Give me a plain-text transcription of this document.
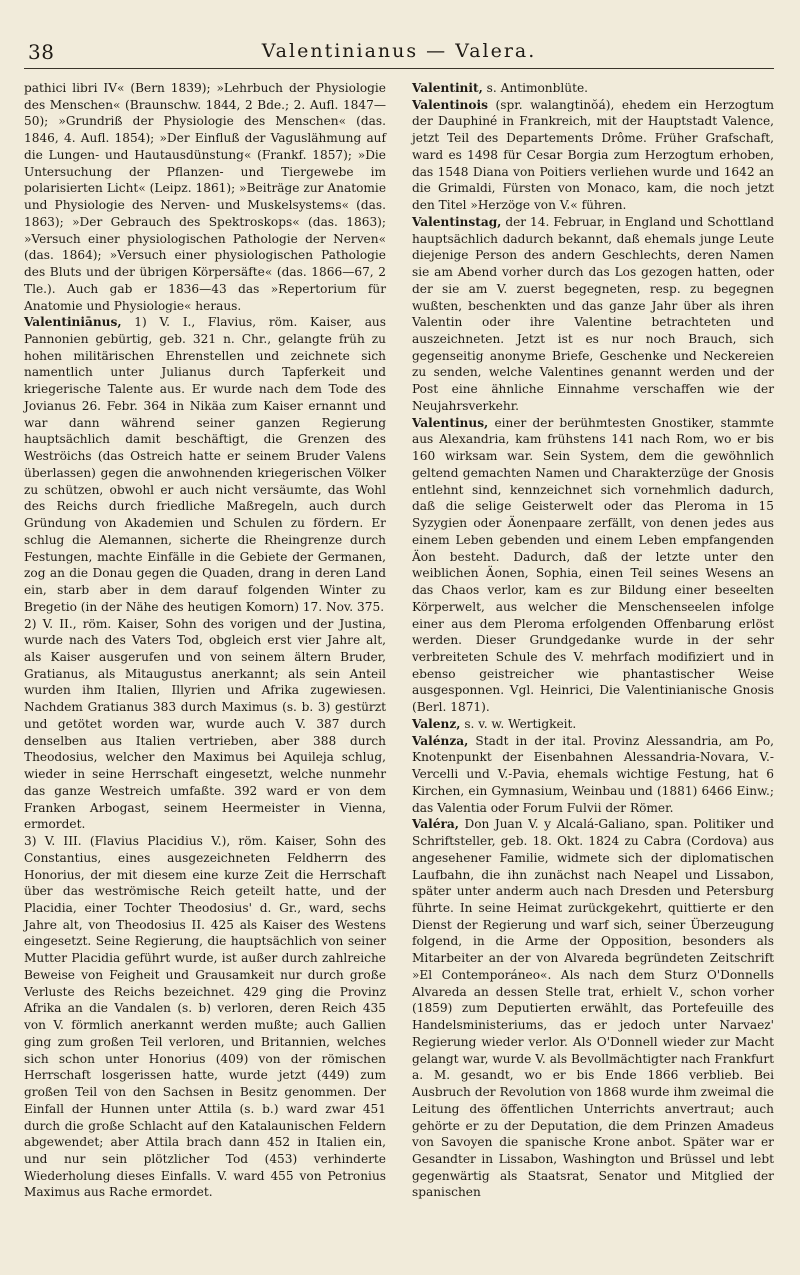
38	Valentinianus — Valera.

pathici libri IV« (Bern 1839); »Lehrbuch der Physiologie des Menschen« (Braunschw. 1844, 2 Bde.; 2. Aufl. 1847—50); »Grundriß der Physiologie des Menschen« (das. 1846, 4. Aufl. 1854); »Der Einfluß der Vaguslähmung auf die Lungen- und Hautausdünstung« (Frankf. 1857); »Die Untersuchung der Pflanzen- und Tiergewebe im polarisierten Licht« (Leipz. 1861); »Beiträge zur Anatomie und Physiologie des Nerven- und Muskelsystems« (das. 1863); »Der Gebrauch des Spektroskops« (das. 1863); »Versuch einer physiologischen Pathologie der Nerven« (das. 1864); »Versuch einer physiologischen Pathologie des Bluts und der übrigen Körpersäfte« (das. 1866—67, 2 Tle.). Auch gab er 1836—43 das »Repertorium für Anatomie und Physiologie« heraus.

Valentiniānus, 1) V. I., Flavius, röm. Kaiser, aus Pannonien gebürtig, geb. 321 n. Chr., gelangte früh zu hohen militärischen Ehrenstellen und zeichnete sich namentlich unter Julianus durch Tapferkeit und kriegerische Talente aus. Er wurde nach dem Tode des Jovianus 26. Febr. 364 in Nikäa zum Kaiser ernannt und war dann während seiner ganzen Regierung hauptsächlich damit beschäftigt, die Grenzen des Weströichs (das Ostreich hatte er seinem Bruder Valens überlassen) gegen die anwohnenden kriegerischen Völker zu schützen, obwohl er auch nicht versäumte, das Wohl des Reichs durch friedliche Maßregeln, auch durch Gründung von Akademien und Schulen zu fördern. Er schlug die Alemannen, sicherte die Rheingrenze durch Festungen, machte Einfälle in die Gebiete der Germanen, zog an die Donau gegen die Quaden, drang in deren Land ein, starb aber in dem darauf folgenden Winter zu Bregetio (in der Nähe des heutigen Komorn) 17. Nov. 375.

2) V. II., röm. Kaiser, Sohn des vorigen und der Justina, wurde nach des Vaters Tod, obgleich erst vier Jahre alt, als Kaiser ausgerufen und von seinem ältern Bruder, Gratianus, als Mitaugustus anerkannt; als sein Anteil wurden ihm Italien, Illyrien und Afrika zugewiesen. Nachdem Gratianus 383 durch Maximus (s. b. 3) gestürzt und getötet worden war, wurde auch V. 387 durch denselben aus Italien vertrieben, aber 388 durch Theodosius, welcher den Maximus bei Aquileja schlug, wieder in seine Herrschaft eingesetzt, welche nunmehr das ganze Westreich umfaßte. 392 ward er von dem Franken Arbogast, seinem Heermeister in Vienna, ermordet.

3) V. III. (Flavius Placidius V.), röm. Kaiser, Sohn des Constantius, eines ausgezeichneten Feldherrn des Honorius, der mit diesem eine kurze Zeit die Herrschaft über das weströmische Reich geteilt hatte, und der Placidia, einer Tochter Theodosius' d. Gr., ward, sechs Jahre alt, von Theodosius II. 425 als Kaiser des Westens eingesetzt. Seine Regierung, die hauptsächlich von seiner Mutter Placidia geführt wurde, ist außer durch zahlreiche Beweise von Feigheit und Grausamkeit nur durch große Verluste des Reichs bezeichnet. 429 ging die Provinz Afrika an die Vandalen (s. b) verloren, deren Reich 435 von V. förmlich anerkannt werden mußte; auch Gallien ging zum großen Teil verloren, und Britannien, welches sich schon unter Honorius (409) von der römischen Herrschaft losgerissen hatte, wurde jetzt (449) zum großen Teil von den Sachsen in Besitz genommen. Der Einfall der Hunnen unter Attila (s. b.) ward zwar 451 durch die große Schlacht auf den Katalaunischen Feldern abgewendet; aber Attila brach dann 452 in Italien ein, und nur sein plötzlicher Tod (453) verhinderte Wiederholung dieses Einfalls. V. ward 455 von Petronius Maximus aus Rache ermordet.

Valentinit, s. Antimonblüte.

Valentinois (spr. walangtinŏá), ehedem ein Herzogtum der Dauphiné in Frankreich, mit der Hauptstadt Valence, jetzt Teil des Departements Drôme. Früher Grafschaft, ward es 1498 für Cesar Borgia zum Herzogtum erhoben, das 1548 Diana von Poitiers verliehen wurde und 1642 an die Grimaldi, Fürsten von Monaco, kam, die noch jetzt den Titel »Herzöge von V.« führen.

Valentinstag, der 14. Februar, in England und Schottland hauptsächlich dadurch bekannt, daß ehemals junge Leute diejenige Person des andern Geschlechts, deren Namen sie am Abend vorher durch das Los gezogen hatten, oder der sie am V. zuerst begegneten, resp. zu begegnen wußten, beschenkten und das ganze Jahr über als ihren Valentin oder ihre Valentine betrachteten und auszeichneten. Jetzt ist es nur noch Brauch, sich gegenseitig anonyme Briefe, Geschenke und Neckereien zu senden, welche Valentines genannt werden und der Post eine ähnliche Einnahme verschaffen wie der Neujahrsverkehr.

Valentinus, einer der berühmtesten Gnostiker, stammte aus Alexandria, kam frühstens 141 nach Rom, wo er bis 160 wirksam war. Sein System, dem die gewöhnlich geltend gemachten Namen und Charakterzüge der Gnosis entlehnt sind, kennzeichnet sich vornehmlich dadurch, daß die selige Geisterwelt oder das Pleroma in 15 Syzygien oder Äonenpaare zerfällt, von denen jedes aus einem Leben gebenden und einem Leben empfangenden Äon besteht. Dadurch, daß der letzte unter den weiblichen Äonen, Sophia, einen Teil seines Wesens an das Chaos verlor, kam es zur Bildung einer beseelten Körperwelt, aus welcher die Menschenseelen infolge einer aus dem Pleroma erfolgenden Offenbarung erlöst werden. Dieser Grundgedanke wurde in der sehr verbreiteten Schule des V. mehrfach modifiziert und in ebenso geistreicher wie phantastischer Weise ausgesponnen. Vgl. Heinrici, Die Valentinianische Gnosis (Berl. 1871).

Valenz, s. v. w. Wertigkeit.

Valénza, Stadt in der ital. Provinz Alessandria, am Po, Knotenpunkt der Eisenbahnen Alessandria-Novara, V.-Vercelli und V.-Pavia, ehemals wichtige Festung, hat 6 Kirchen, ein Gymnasium, Weinbau und (1881) 6466 Einw.; das Valentia oder Forum Fulvii der Römer.

Valéra, Don Juan V. y Alcalá-Galiano, span. Politiker und Schriftsteller, geb. 18. Okt. 1824 zu Cabra (Cordova) aus angesehener Familie, widmete sich der diplomatischen Laufbahn, die ihn zunächst nach Neapel und Lissabon, später unter anderm auch nach Dresden und Petersburg führte. In seine Heimat zurückgekehrt, quittierte er den Dienst der Regierung und warf sich, seiner Überzeugung folgend, in die Arme der Opposition, besonders als Mitarbeiter an der von Alvareda begründeten Zeitschrift »El Contemporáneo«. Als nach dem Sturz O'Donnells Alvareda an dessen Stelle trat, erhielt V., schon vorher (1859) zum Deputierten erwählt, das Portefeuille des Handelsministeriums, das er jedoch unter Narvaez' Regierung wieder verlor. Als O'Donnell wieder zur Macht gelangt war, wurde V. als Bevollmächtigter nach Frankfurt a. M. gesandt, wo er bis Ende 1866 verblieb. Bei Ausbruch der Revolution von 1868 wurde ihm zweimal die Leitung des öffentlichen Unterrichts anvertraut; auch gehörte er zu der Deputation, die dem Prinzen Amadeus von Savoyen die spanische Krone anbot. Später war er Gesandter in Lissabon, Washington und Brüssel und lebt gegenwärtig als Staatsrat, Senator und Mitglied der spanischen
